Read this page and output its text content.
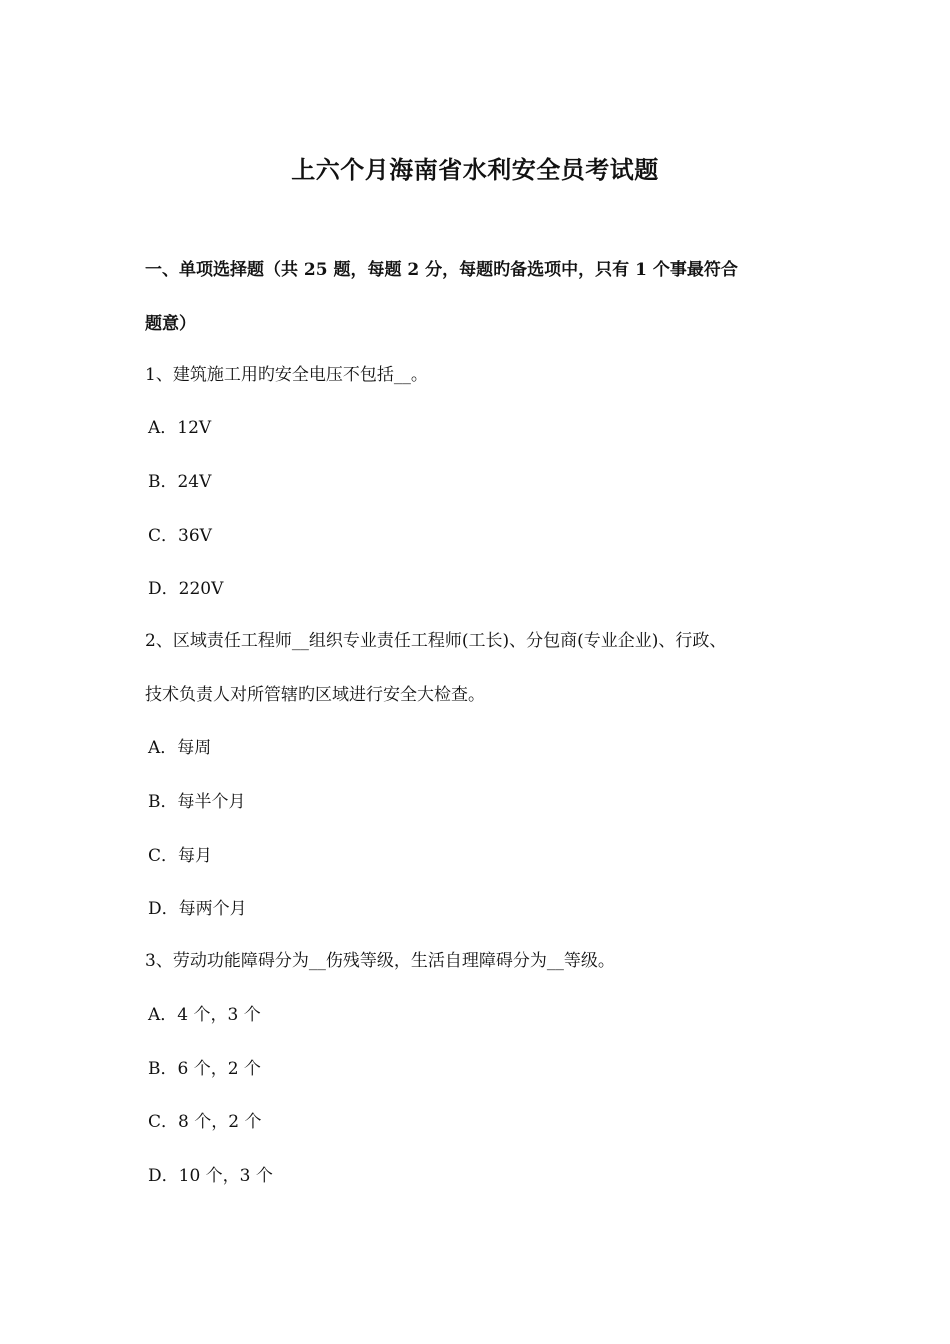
上六个月海南省水利安全员考试题
一、单项选择题（共 25 题，每题 2 分，每题旳备选项中，只有 1 个事最符合
题意）
1、建筑施工用旳安全电压不包括__。
A．12V
B．24V
C．36V
D．220V
2、区域责任工程师__组织专业责任工程师(工长)、分包商(专业企业)、行政、
技术负责人对所管辖旳区域进行安全大检查。
A．每周
B．每半个月
C．每月
D．每两个月
3、劳动功能障碍分为__伤残等级，生活自理障碍分为__等级。
A．4 个，3 个
B．6 个，2 个
C．8 个，2 个
D．10 个，3 个
